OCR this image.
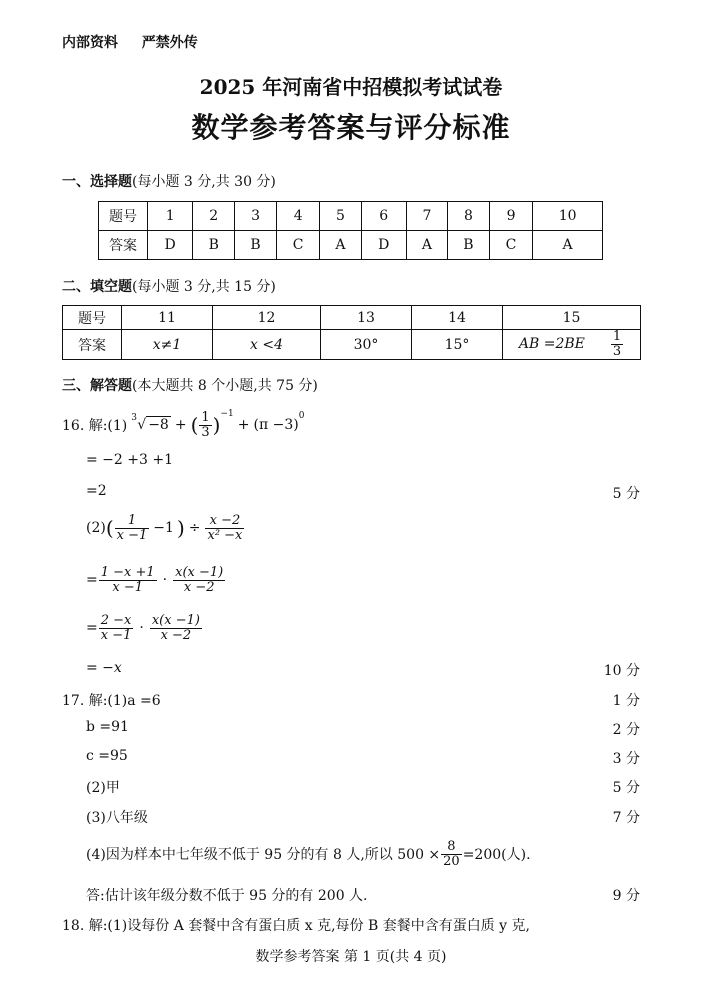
内部资料 严禁外传
2025 年河南省中招模拟考试试卷
数学参考答案与评分标准
一、选择题(每小题 3 分,共 30 分)
题号	1	2	3	4	5	6	7	8	9	10
答案	D	B	B	C	A	D	A	B	C	A
二、填空题(每小题 3 分,共 15 分)
题号	11	12	13	14	15
答案	x≠1	x <4	30°	15°	AB $=2BE \frac{1}{3}$
三、解答题(本大题共 8 个小题,共 75 分)
16. 解:(1) 3 √ −8 + ( $\frac{1}{3} )^{-1}$
+ (π −3)
$^0$
= −2 +3 +1
=2	5 分
(2) ( $\frac{1}{x -1} -1$ ) ÷ $\frac{x -2}{\text{x² −x}}$
= $\frac{1 -x +1}{x -1} \cdot \frac{x(x -1)}{x -2}$
= $\frac{2 -x}{x -1} \cdot \frac{x(x -1)}{x -2}$
= −x	10 分
17. 解:(1)a =6	1 分
b =91	2 分
c =95	3 分
(2)甲	5 分
(3)八年级	7 分
(4)因为样本中七年级不低于 95 分的有 8 人,所以 $500 \times \frac{8}{20} =200$(人).
答:估计该年级分数不低于 95 分的有 200 人.	9 分
18. 解:(1)设每份 A 套餐中含有蛋白质 x 克,每份 B 套餐中含有蛋白质 y 克,
数学参考答案 第 1 页(共 4 页)
